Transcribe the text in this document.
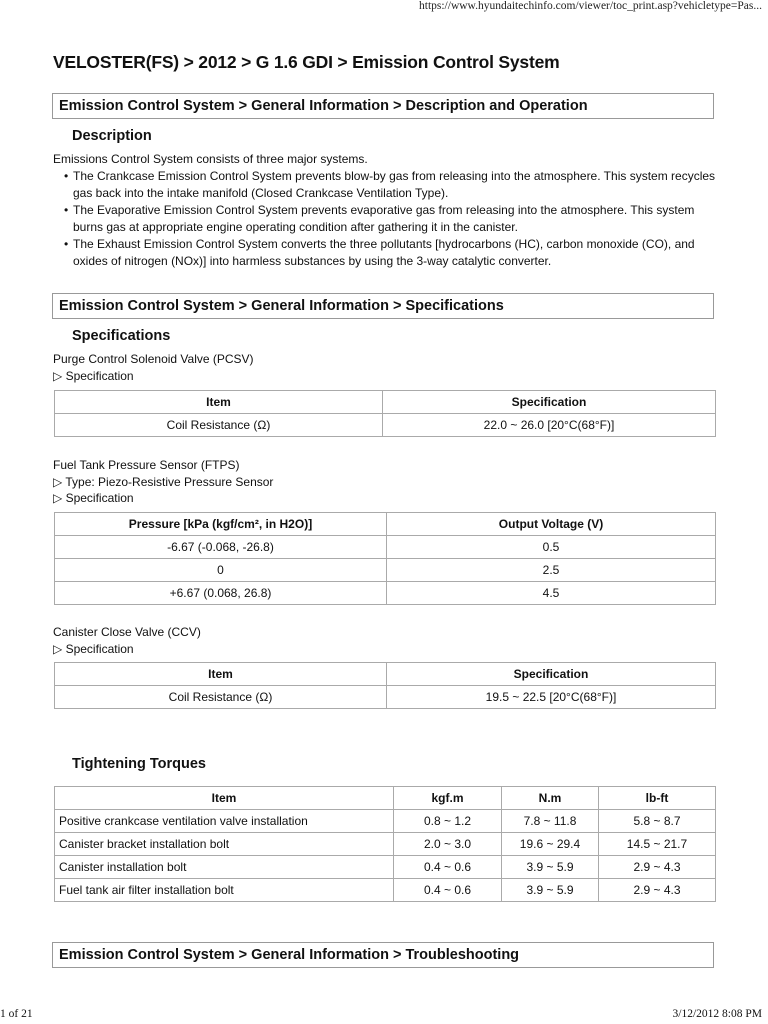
https://www.hyundaitechinfo.com/viewer/toc_print.asp?vehicletype=Pas...
VELOSTER(FS) > 2012 > G 1.6 GDI > Emission Control System
Emission Control System > General Information > Description and Operation
Description
Emissions Control System consists of three major systems.
• The Crankcase Emission Control System prevents blow-by gas from releasing into the atmosphere. This system recycles gas back into the intake manifold (Closed Crankcase Ventilation Type).
• The Evaporative Emission Control System prevents evaporative gas from releasing into the atmosphere. This system burns gas at appropriate engine operating condition after gathering it in the canister.
• The Exhaust Emission Control System converts the three pollutants [hydrocarbons (HC), carbon monoxide (CO), and oxides of nitrogen (NOx)] into harmless substances by using the 3-way catalytic converter.
Emission Control System > General Information > Specifications
Specifications
Purge Control Solenoid Valve (PCSV)
▷ Specification
Item	Specification
Coil Resistance (Ω)	22.0 ~ 26.0 [20°C(68°F)]
Fuel Tank Pressure Sensor (FTPS)
▷ Type: Piezo-Resistive Pressure Sensor
▷ Specification
Pressure [kPa (kgf/cm², in H2O)]	Output Voltage (V)
-6.67 (-0.068, -26.8)	0.5
0	2.5
+6.67 (0.068, 26.8)	4.5
Canister Close Valve (CCV)
▷ Specification
Item	Specification
Coil Resistance (Ω)	19.5 ~ 22.5 [20°C(68°F)]
Tightening Torques
Item	kgf.m	N.m	lb-ft
Positive crankcase ventilation valve installation	0.8 ~ 1.2	7.8 ~ 11.8	5.8 ~ 8.7
Canister bracket installation bolt	2.0 ~ 3.0	19.6 ~ 29.4	14.5 ~ 21.7
Canister installation bolt	0.4 ~ 0.6	3.9 ~ 5.9	2.9 ~ 4.3
Fuel tank air filter installation bolt	0.4 ~ 0.6	3.9 ~ 5.9	2.9 ~ 4.3
Emission Control System > General Information > Troubleshooting
1 of 21	3/12/2012 8:08 PM
